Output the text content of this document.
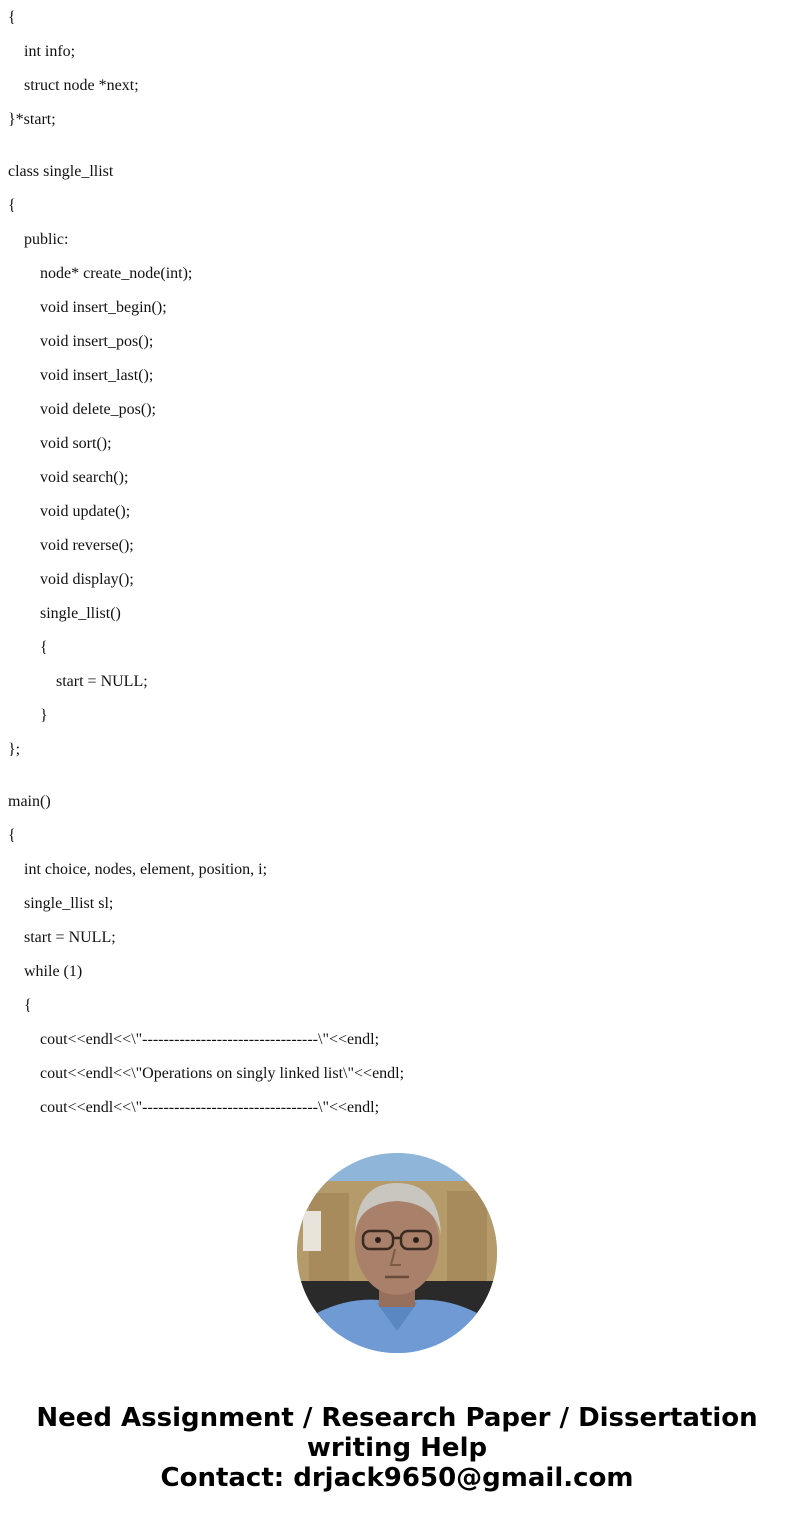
{
int info;
struct node *next;
}*start;
class single_llist
{
public:
node* create_node(int);
void insert_begin();
void insert_pos();
void insert_last();
void delete_pos();
void sort();
void search();
void update();
void reverse();
void display();
single_llist()
{
start = NULL;
}
};
main()
{
int choice, nodes, element, position, i;
single_llist sl;
start = NULL;
while (1)
{
cout<<endl<<\"---------------------------------\"<<endl;
cout<<endl<<\"Operations on singly linked list\"<<endl;
cout<<endl<<\"---------------------------------\"<<endl;
Need Assignment / Research Paper / Dissertation
writing Help
Contact: drjack9650@gmail.com
